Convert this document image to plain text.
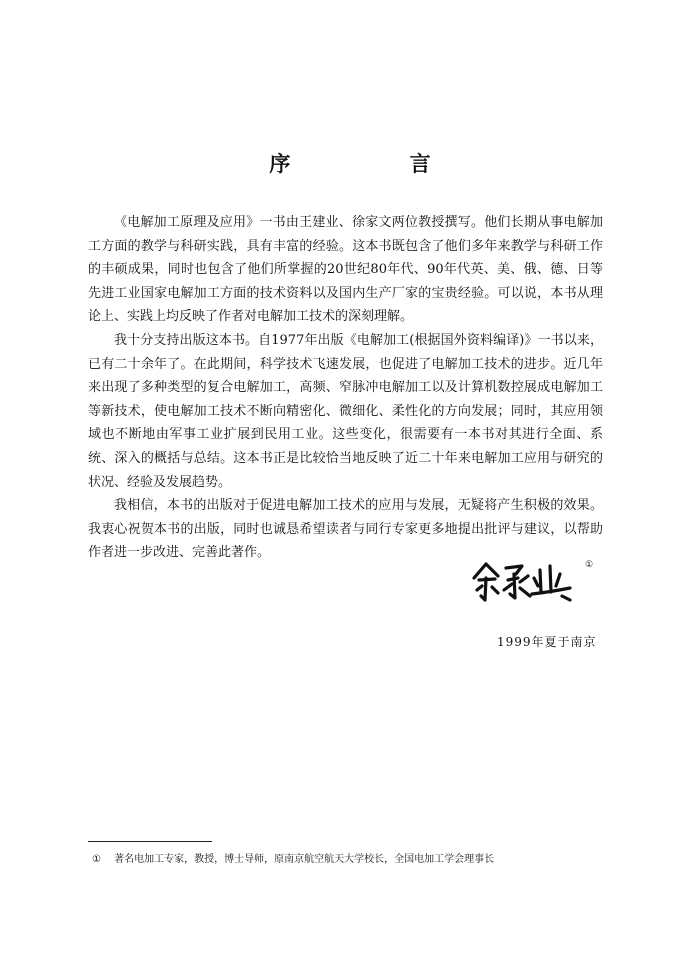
序 言

《电解加工原理及应用》一书由王建业、徐家文两位教授撰写。他们长期从事电解加工方面的教学与科研实践，具有丰富的经验。这本书既包含了他们多年来教学与科研工作的丰硕成果，同时也包含了他们所掌握的20世纪80年代、90年代英、美、俄、德、日等先进工业国家电解加工方面的技术资料以及国内生产厂家的宝贵经验。可以说，本书从理论上、实践上均反映了作者对电解加工技术的深刻理解。

我十分支持出版这本书。自1977年出版《电解加工(根据国外资料编译)》一书以来，已有二十余年了。在此期间，科学技术飞速发展，也促进了电解加工技术的进步。近几年来出现了多种类型的复合电解加工，高频、窄脉冲电解加工以及计算机数控展成电解加工等新技术，使电解加工技术不断向精密化、微细化、柔性化的方向发展；同时，其应用领域也不断地由军事工业扩展到民用工业。这些变化，很需要有一本书对其进行全面、系统、深入的概括与总结。这本书正是比较恰当地反映了近二十年来电解加工应用与研究的状况、经验及发展趋势。

我相信，本书的出版对于促进电解加工技术的应用与发展，无疑将产生积极的效果。我衷心祝贺本书的出版，同时也诚恳希望读者与同行专家更多地提出批评与建议，以帮助作者进一步改进、完善此著作。

①
1999年夏于南京
① 著名电加工专家，教授，博士导师，原南京航空航天大学校长，全国电加工学会理事长
